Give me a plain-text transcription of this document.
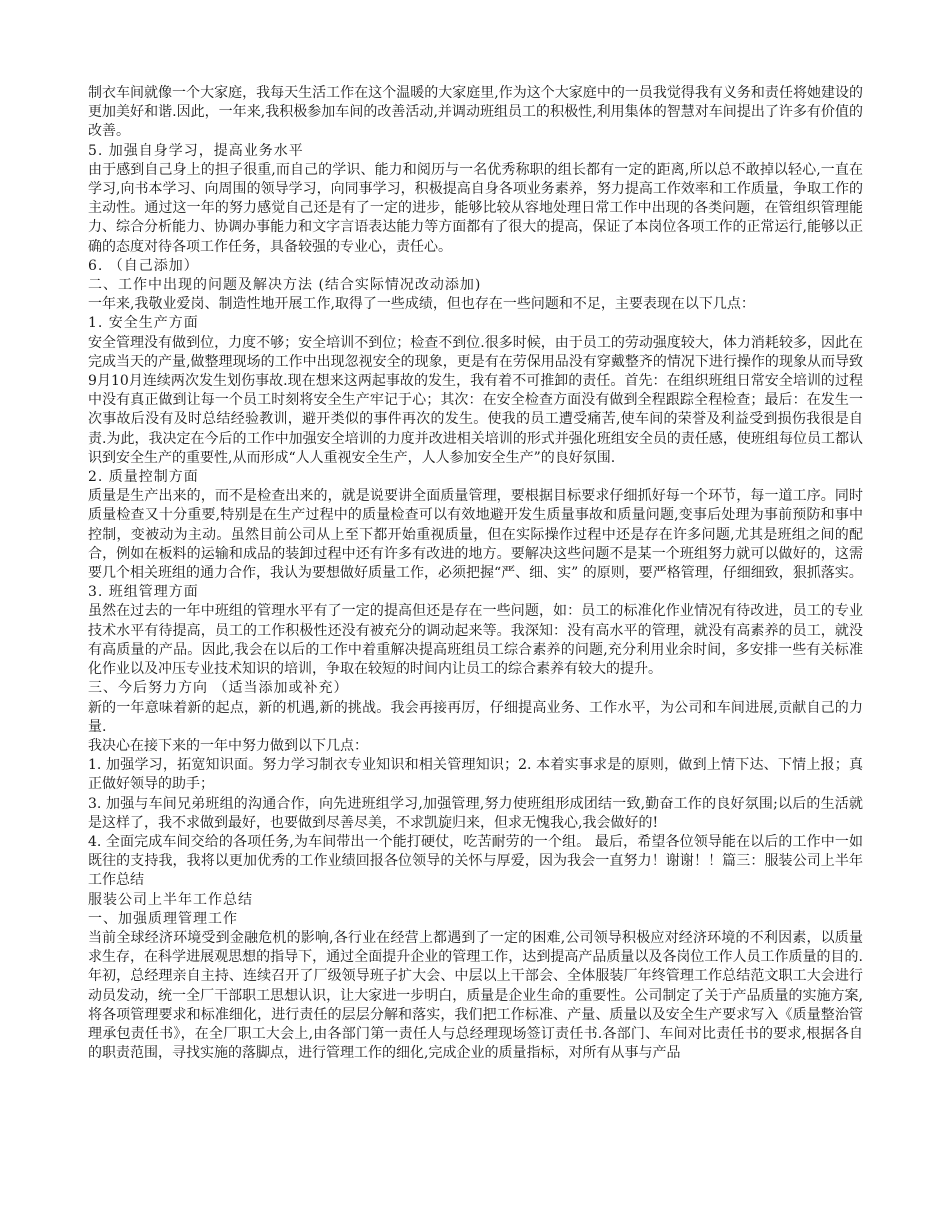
制衣车间就像一个大家庭，我每天生活工作在这个温暖的大家庭里,作为这个大家庭中的一员我觉得我有义务和责任将她建设的更加美好和谐.因此，一年来,我积极参加车间的改善活动,并调动班组员工的积极性,利用集体的智慧对车间提出了许多有价值的改善。

5. 加强自身学习，提高业务水平

由于感到自己身上的担子很重,而自己的学识、能力和阅历与一名优秀称职的组长都有一定的距离,所以总不敢掉以轻心,一直在学习,向书本学习、向周围的领导学习，向同事学习，积极提高自身各项业务素养，努力提高工作效率和工作质量，争取工作的主动性。通过这一年的努力感觉自己还是有了一定的进步，能够比较从容地处理日常工作中出现的各类问题，在管组织管理能力、综合分析能力、协调办事能力和文字言语表达能力等方面都有了很大的提高，保证了本岗位各项工作的正常运行,能够以正确的态度对待各项工作任务，具备较强的专业心，责任心。

6. （自己添加）

二、工作中出现的问题及解决方法 (结合实际情况改动添加)

一年来,我敬业爱岗、制造性地开展工作,取得了一些成绩，但也存在一些问题和不足，主要表现在以下几点：

1. 安全生产方面

安全管理没有做到位，力度不够；安全培训不到位；检查不到位.很多时候，由于员工的劳动强度较大，体力消耗较多，因此在完成当天的产量,做整理现场的工作中出现忽视安全的现象，更是有在劳保用品没有穿戴整齐的情况下进行操作的现象从而导致9月10月连续两次发生划伤事故.现在想来这两起事故的发生，我有着不可推卸的责任。首先：在组织班组日常安全培训的过程中没有真正做到让每一个员工时刻将安全生产牢记于心；其次：在安全检查方面没有做到全程跟踪全程检查；最后：在发生一次事故后没有及时总结经验教训，避开类似的事件再次的发生。使我的员工遭受痛苦,使车间的荣誉及利益受到损伤我很是自责.为此，我决定在今后的工作中加强安全培训的力度并改进相关培训的形式并强化班组安全员的责任感，使班组每位员工都认识到安全生产的重要性,从而形成“人人重视安全生产，人人参加安全生产”的良好氛围.

2. 质量控制方面

质量是生产出来的，而不是检查出来的，就是说要讲全面质量管理，要根据目标要求仔细抓好每一个环节，每一道工序。同时质量检查又十分重要,特别是在生产过程中的质量检查可以有效地避开发生质量事故和质量问题,变事后处理为事前预防和事中控制，变被动为主动。虽然目前公司从上至下都开始重视质量，但在实际操作过程中还是存在许多问题,尤其是班组之间的配合，例如在板料的运输和成品的装卸过程中还有许多有改进的地方。要解决这些问题不是某一个班组努力就可以做好的，这需要几个相关班组的通力合作，我认为要想做好质量工作，必须把握“严、细、实” 的原则，要严格管理，仔细细致，狠抓落实。

3. 班组管理方面

虽然在过去的一年中班组的管理水平有了一定的提高但还是存在一些问题，如：员工的标准化作业情况有待改进，员工的专业技术水平有待提高，员工的工作积极性还没有被充分的调动起来等。我深知：没有高水平的管理，就没有高素养的员工，就没有高质量的产品。因此,我会在以后的工作中着重解决提高班组员工综合素养的问题,充分利用业余时间，多安排一些有关标准化作业以及冲压专业技术知识的培训，争取在较短的时间内让员工的综合素养有较大的提升。

三、今后努力方向 （适当添加或补充）

新的一年意味着新的起点，新的机遇,新的挑战。我会再接再厉，仔细提高业务、工作水平，为公司和车间进展,贡献自己的力量.

我决心在接下来的一年中努力做到以下几点：

1. 加强学习，拓宽知识面。努力学习制衣专业知识和相关管理知识；2. 本着实事求是的原则，做到上情下达、下情上报；真正做好领导的助手；

3. 加强与车间兄弟班组的沟通合作，向先进班组学习,加强管理,努力使班组形成团结一致,勤奋工作的良好氛围;以后的生活就是这样了，我不求做到最好，也要做到尽善尽美，不求凯旋归来，但求无愧我心,我会做好的!

4. 全面完成车间交给的各项任务,为车间带出一个能打硬仗，吃苦耐劳的一个组。 最后，希望各位领导能在以后的工作中一如既往的支持我，我将以更加优秀的工作业绩回报各位领导的关怀与厚爱，因为我会一直努力！谢谢！！篇三：服装公司上半年工作总结

服装公司上半年工作总结

一、加强质理管理工作

当前全球经济环境受到金融危机的影响,各行业在经营上都遇到了一定的困难,公司领导积极应对经济环境的不利因素，以质量求生存，在科学进展观思想的指导下，通过全面提升企业的管理工作，达到提高产品质量以及各岗位工作人员工作质量的目的.年初，总经理亲自主持、连续召开了厂级领导班子扩大会、中层以上干部会、全体服装厂年终管理工作总结范文职工大会进行动员发动，统一全厂干部职工思想认识，让大家进一步明白，质量是企业生命的重要性。公司制定了关于产品质量的实施方案,将各项管理要求和标准细化，进行责任的层层分解和落实，我们把工作标准、产量、质量以及安全生产要求写入《质量整治管理承包责任书》，在全厂职工大会上,由各部门第一责任人与总经理现场签订责任书.各部门、车间对比责任书的要求,根据各自的职责范围，寻找实施的落脚点，进行管理工作的细化,完成企业的质量指标，对所有从事与产品
